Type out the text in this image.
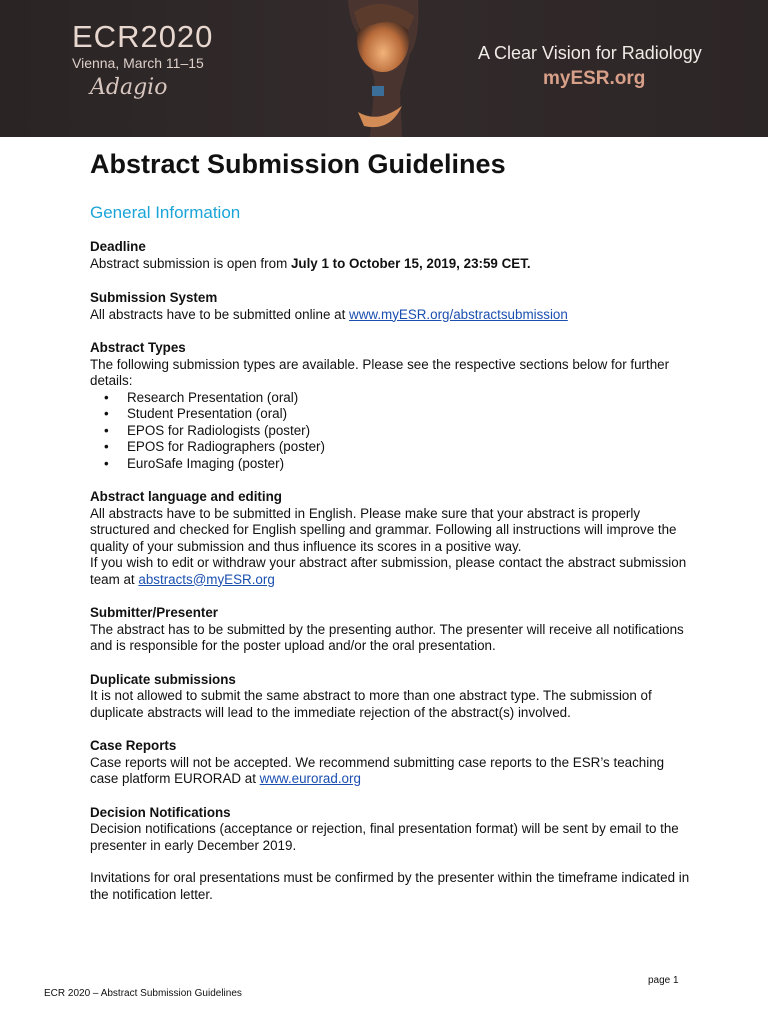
ECR2020
Vienna, March 11–15
Adagio
A Clear Vision for Radiology
myESR.org
Abstract Submission Guidelines
General Information
Deadline
Abstract submission is open from July 1 to October 15, 2019, 23:59 CET.
Submission System
All abstracts have to be submitted online at www.myESR.org/abstractsubmission
Abstract Types
The following submission types are available. Please see the respective sections below for further details:
• Research Presentation (oral)
• Student Presentation (oral)
• EPOS for Radiologists (poster)
• EPOS for Radiographers (poster)
• EuroSafe Imaging (poster)
Abstract language and editing
All abstracts have to be submitted in English. Please make sure that your abstract is properly structured and checked for English spelling and grammar. Following all instructions will improve the quality of your submission and thus influence its scores in a positive way.
If you wish to edit or withdraw your abstract after submission, please contact the abstract submission team at abstracts@myESR.org
Submitter/Presenter
The abstract has to be submitted by the presenting author. The presenter will receive all notifications and is responsible for the poster upload and/or the oral presentation.
Duplicate submissions
It is not allowed to submit the same abstract to more than one abstract type. The submission of duplicate abstracts will lead to the immediate rejection of the abstract(s) involved.
Case Reports
Case reports will not be accepted. We recommend submitting case reports to the ESR’s teaching case platform EURORAD at www.eurorad.org
Decision Notifications
Decision notifications (acceptance or rejection, final presentation format) will be sent by email to the presenter in early December 2019.
Invitations for oral presentations must be confirmed by the presenter within the timeframe indicated in the notification letter.
page 1
ECR 2020 – Abstract Submission Guidelines
